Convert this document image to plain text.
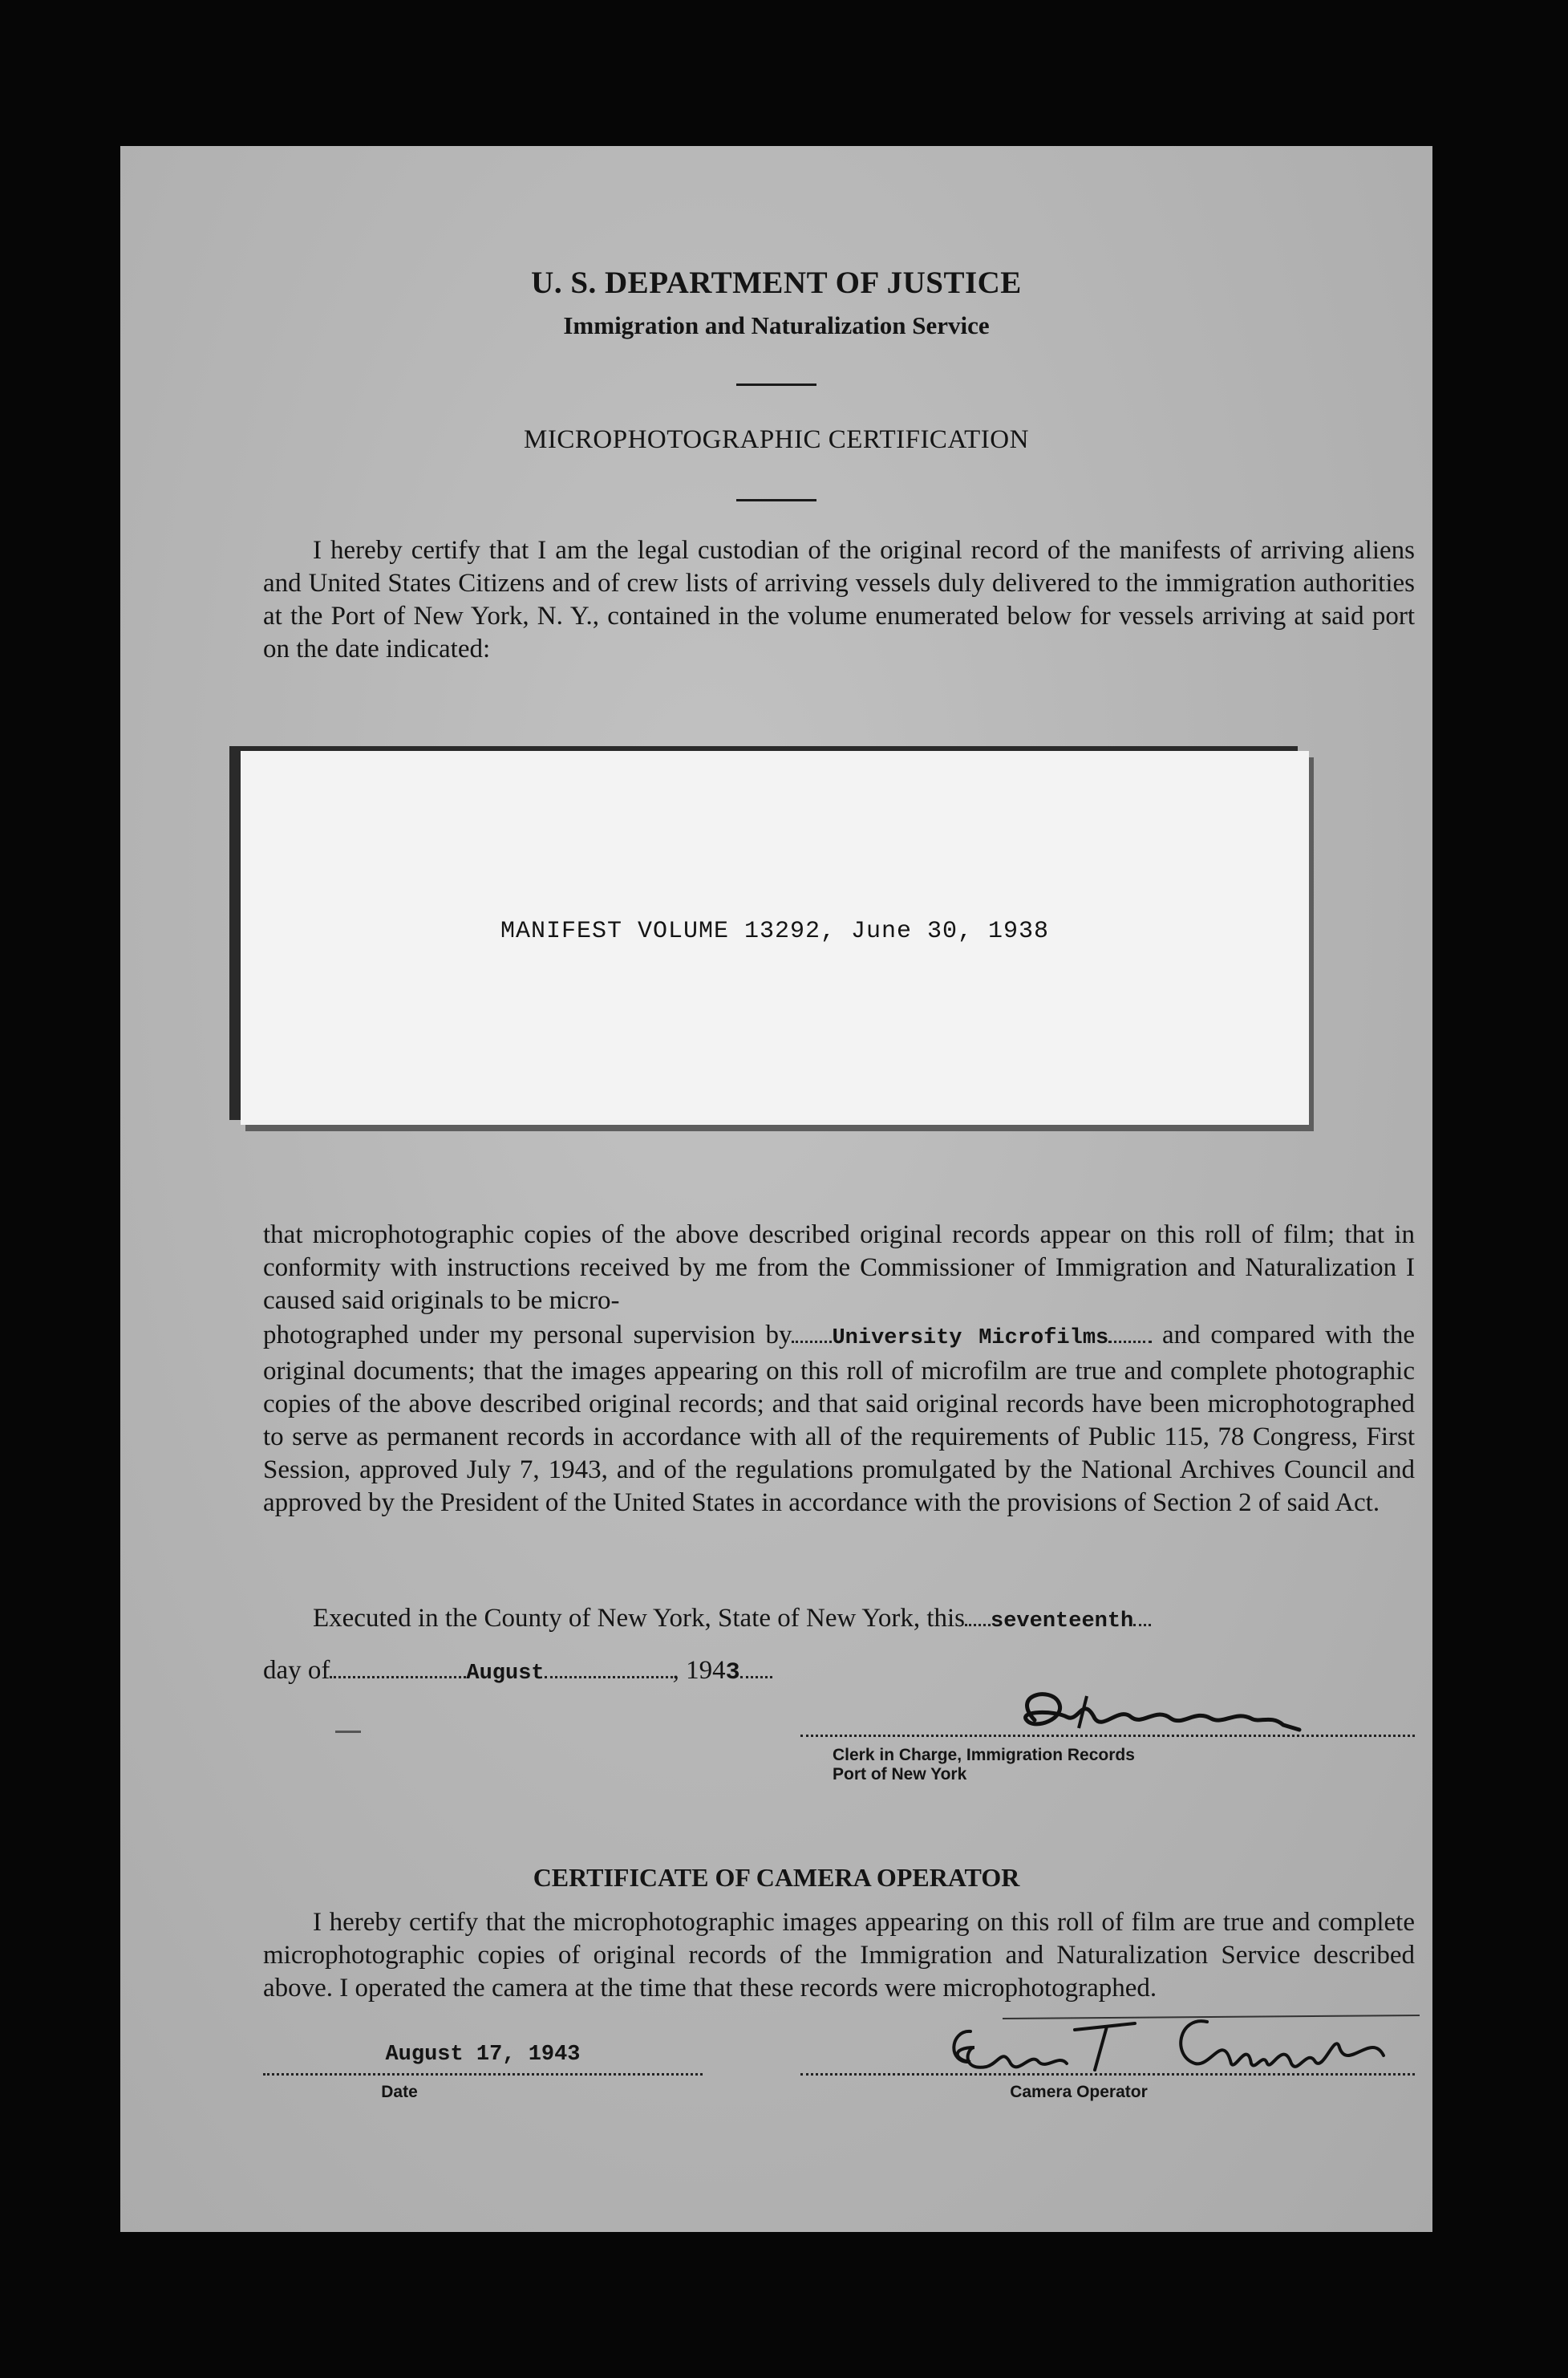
U. S. DEPARTMENT OF JUSTICE
Immigration and Naturalization Service
MICROPHOTOGRAPHIC CERTIFICATION
I hereby certify that I am the legal custodian of the original record of the manifests of arriving aliens and United States Citizens and of crew lists of arriving vessels duly delivered to the immigration authorities at the Port of New York, N. Y., contained in the volume enumerated below for vessels arriving at said port on the date indicated:
MANIFEST VOLUME 13292, June 30, 1938
that microphotographic copies of the above described original records appear on this roll of film; that in conformity with instructions received by me from the Commissioner of Immigration and Naturalization I caused said originals to be micro-
photographed under my personal supervision by University Microfilms and compared with the original documents; that the images appearing on this roll of microfilm are true and complete photographic copies of the above described original records; and that said original records have been microphotographed to serve as permanent records in accordance with all of the requirements of Public 115, 78 Congress, First Session, approved July 7, 1943, and of the regulations promulgated by the National Archives Council and approved by the President of the United States in accordance with the provisions of Section 2 of said Act.
Executed in the County of New York, State of New York, this seventeenth
day of	August	, 1943
Clerk in Charge, Immigration Records
Port of New York
CERTIFICATE OF CAMERA OPERATOR
I hereby certify that the microphotographic images appearing on this roll of film are true and complete microphotographic copies of original records of the Immigration and Naturalization Service described above. I operated the camera at the time that these records were microphotographed.
August 17, 1943
Date	Camera Operator
